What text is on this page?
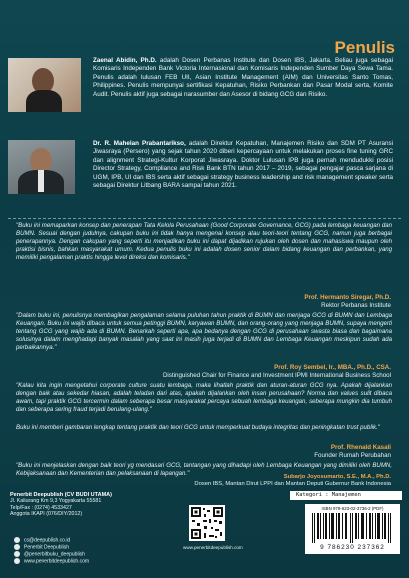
Penulis
Zaenal Abidin, Ph.D. adalah Dosen Perbanas Institute dan Dosen IBS, Jakarta. Beliau juga sebagai Komisaris Independen Bank Victoria Internasional dan Komisaris Independen Sumber Daya Sewa Tama. Penulis adalah lulusan FEB UII, Asian Institute Management (AIM) dan Universitas Santo Tomas, Philippines. Penulis mempunyai sertifikasi Kepatuhan, Risiko Perbankan dan Pasar Modal serta, Komite Audit. Penulis aktif juga sebagai narasumber dan Asesor di bidang GCG dan Risiko.
Dr. R. Mahelan Prabantarikso, adalah Direktur Kepatuhan, Manajemen Risiko dan SDM PT Asuransi Jiwasraya (Persero) yang sejak tahun 2020 diberi kepercayaan untuk melakukan proses fine tuning GRC dan alignment Strategi-Kultur Korporat Jiwasraya. Doktor Lulusan IPB juga pernah mendudukki posisi Director Strategy, Compliance and Risk Bank BTN tahun 2017 – 2019, sebagai pengajar pasca sarjana di UGM, IPB, UI dan IBS serta aktif sebagai strategy business leadership and risk management speaker serta sebagai Direktur Litbang BARA sampai tahun 2021.
"Buku ini memaparkan konsep dan penerapan Tata Kelola Perusahaan (Good Corporate Governance, GCG) pada lembaga keuangan dan BUMN. Sesuai dengan judulnya, cakupan buku ini tidak hanya mengenai konsep atau teori-teori tentang GCG, namun juga berbagai penerapannya. Dengan cakupan yang seperti itu menjadikan buku ini dapat dijadikan rujukan oleh dosen dan mahasiswa maupun oleh praktisi bisnis, bahkan masyarakat umum. Kedua penulis buku ini adalah dosen senior dalam bidang keuangan dan perbankan, yang memiliki pengalaman praktis hingga level direksi dan komisaris."
Prof. Hermanto Siregar, Ph.D.
Rektor Perbanas Institute
"Dalam buku ini, penulisnya membagikan pengalaman selama puluhan tahun praktik di BUMN dan menjaga GCG di BUMN dan Lembaga Keuangan. Buku ini wajib dibaca untuk semua petinggi BUMN, karyawan BUMN, dan orang-orang yang menjaga BUMN, supaya mengerti tentang GCG yang wajib ada di BUMN. Benarkah seperti apa, apa bedanya dengan GCG di perusahaan swasta biasa dan bagaimana solusinya dalam menghadapi banyak masalah yang saat ini masih juga terjadi di BUMN dan Lembaga Keuangan meskipun sudah ada perbaikannya."
Prof. Roy Sembel, Ir., MBA., Ph.D., CSA.
Distinguished Chair for Finance and Investment IPMI International Business School
"Kalau kita ingin mengetahui corporate culture suatu lembaga, maka lihatlah praktik dan aturan-aturan GCG nya. Apakah dijalankan dengan baik atau sekedar hiasan, adalah teladan dari atas, apakah dijalankan oleh insan perusahaan? Norma dan values sulit dibaca awam, tapi praktik GCG tercermin dalam seberapa besar masyarakat percaya sebuah lembaga keuangan, seberapa mungkin dia tumbuh dan seberapa sering fraud terjadi berulang-ulang."
Buku ini memberi gambaran lengkap tentang praktik dan teori GCG untuk memperkuat budaya integritas dan peningkatan trust publik."
Prof. Rhenald Kasali
Founder Rumah Perubahan
"Buku ini menjelaskan dengan baik teori yg mendasari GCG, tantangan yang dihadapi oleh Lembaga Keuangan yang dimiliki oleh BUMN, Kebijaksanaan dan Kementerian dan pelaksanaan di lapangan."	Subarjo Joyosumarto, S.E., M.A., Ph.D.
Dosen IBS, Mantan Dirut LPPI dan Mantan Deputi Gubernur Bank Indonesia
Penerbit Deepublish (CV BUDI UTAMA)
Jl. Kaliurang Km 9,3 Yogyakarta 55581
Telp/Fax : (0274) 4533427
Anggota IKAPI (076/DIY/2012)
cs@deepublish.co.id
Penerbit Deepublish
@penerbitbuku_deepublish
www.penerbitdeepublish.com
www.penerbitdeepublish.com
Kategori : Manajemen
ISBN 978-623-02-3736-2 (PDF)
9 786230 237362
